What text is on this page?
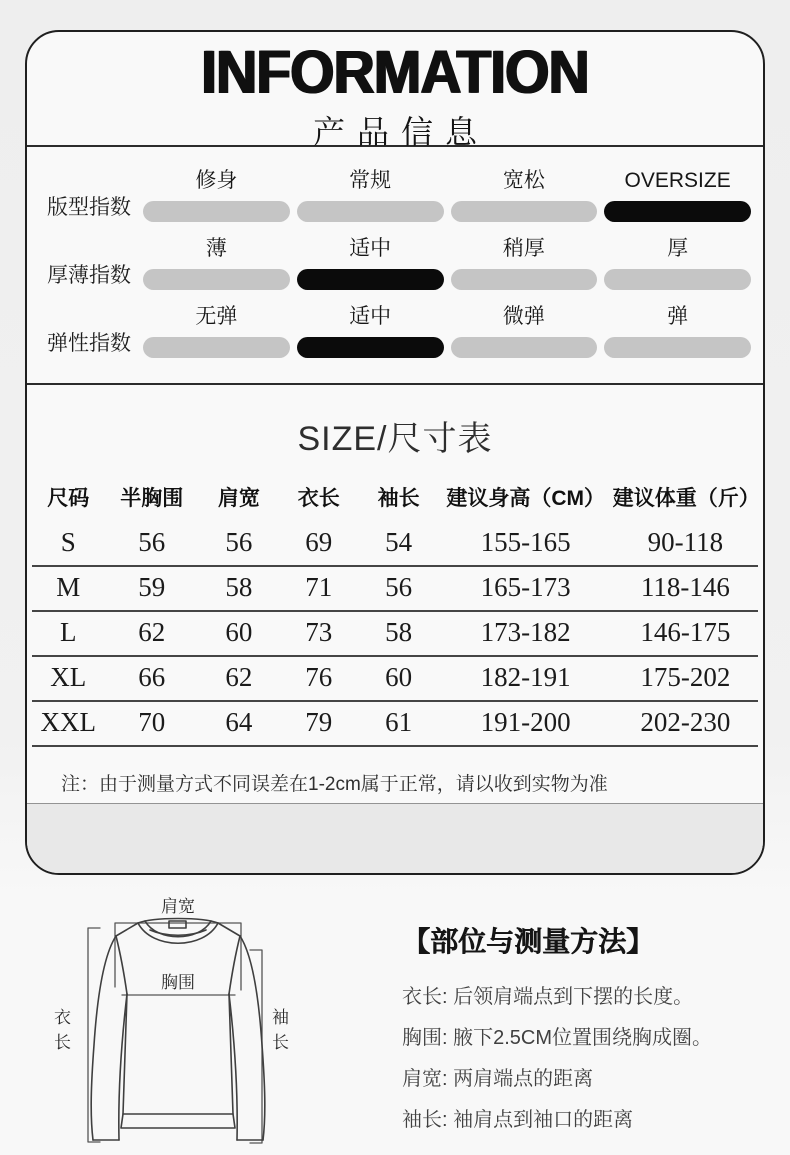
INFORMATION
产品信息
版型指数
修身	常规	宽松	OVERSIZE
厚薄指数
薄	适中	稍厚	厚
弹性指数
无弹	适中	微弹	弹
SIZE/尺寸表
尺码	半胸围	肩宽	衣长	袖长	建议身高（CM）	建议体重（斤）
S	56	56	69	54	155-165	90-118
M	59	58	71	56	165-173	118-146
L	62	60	73	58	173-182	146-175
XL	66	62	76	60	182-191	175-202
XXL	70	64	79	61	191-200	202-230
注：由于测量方式不同误差在1-2cm属于正常，请以收到实物为准
肩宽
胸围
衣长	袖长
【部位与测量方法】
衣长: 后领肩端点到下摆的长度。
胸围: 腋下2.5CM位置围绕胸成圈。
肩宽: 两肩端点的距离
袖长: 袖肩点到袖口的距离
